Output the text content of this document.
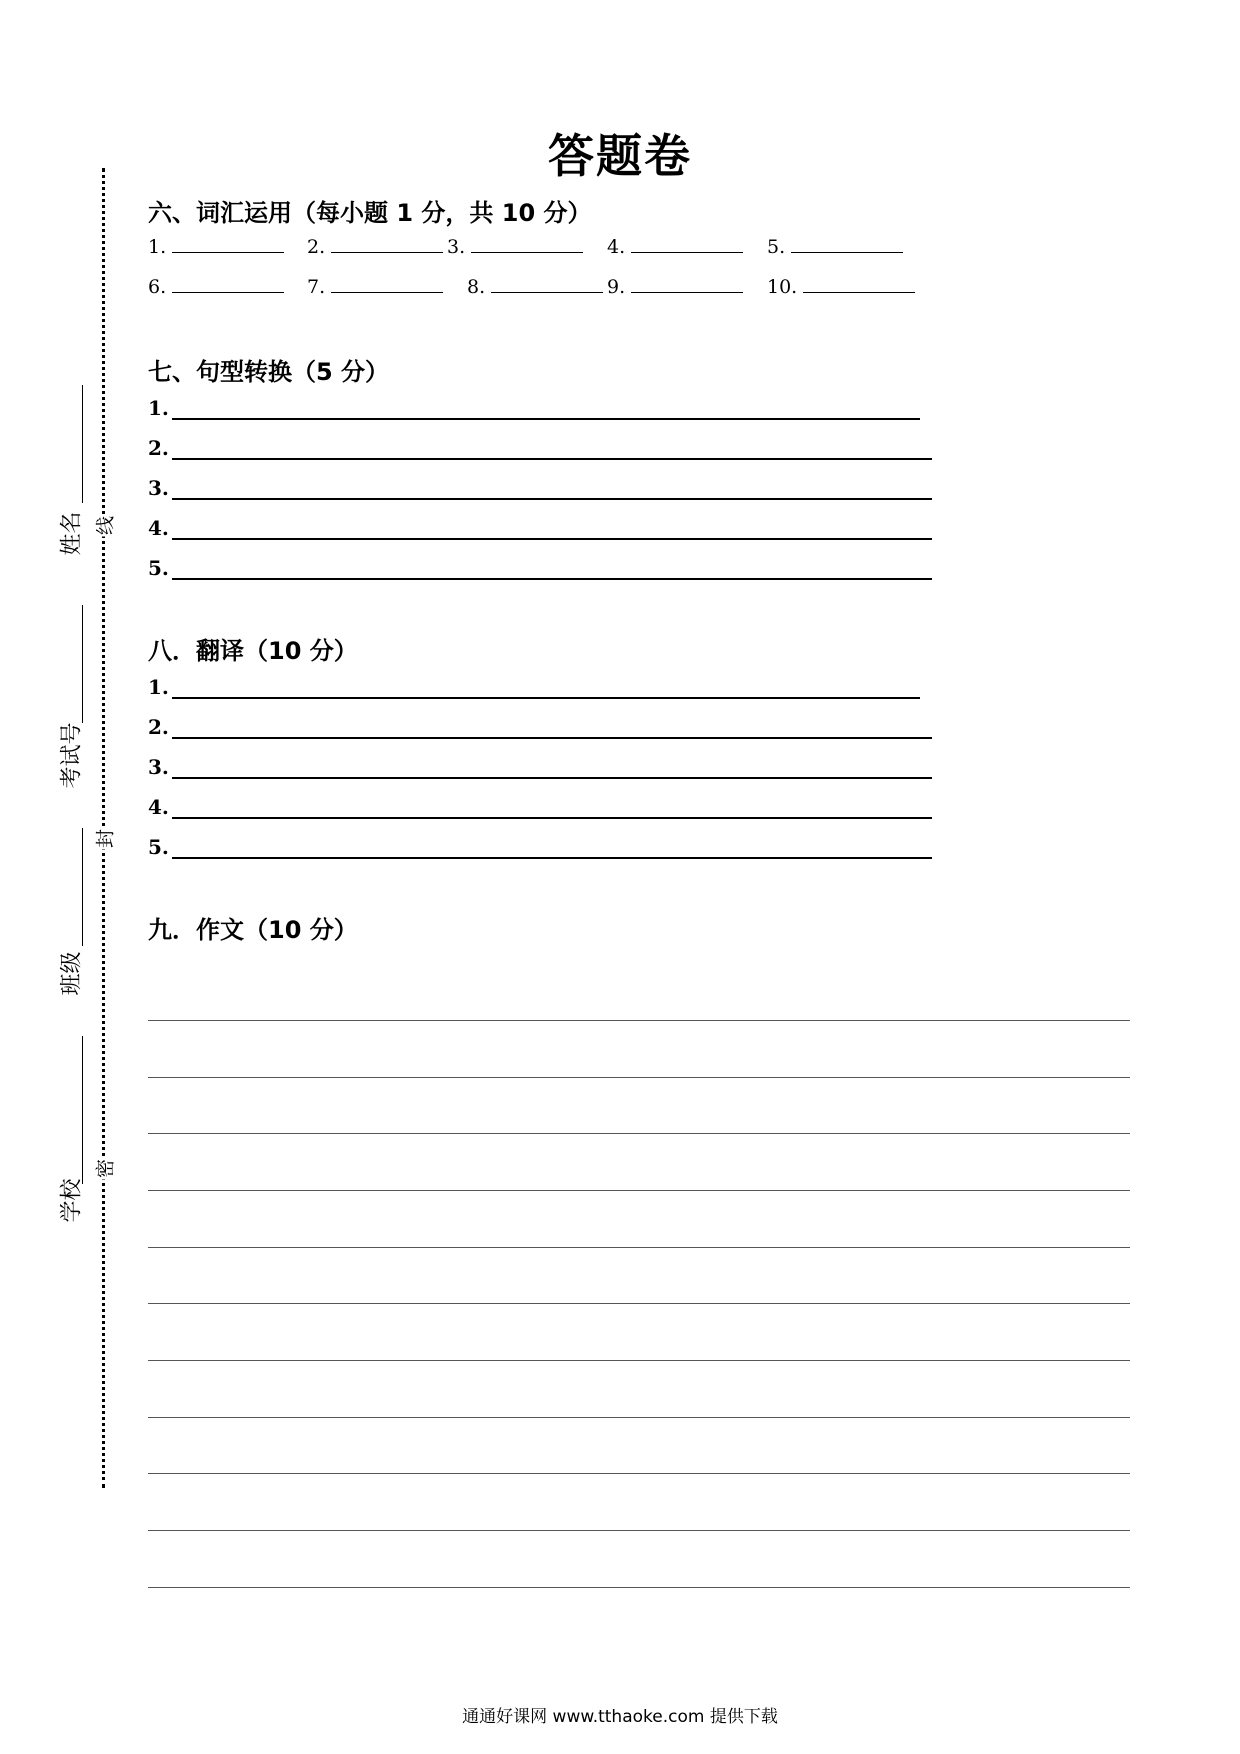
答题卷
线
封
密
姓名
考试号
班级
学校
六、词汇运用（每小题 1 分，共 10 分）
1.	2.	3.	4.	5.
6.	7.	8.	9.	10.
七、句型转换（5 分）
1.
2.
3.
4.
5.
八．翻译（10 分）
1.
2.
3.
4.
5.
九．作文（10 分）
通通好课网 www.tthaoke.com 提供下载
